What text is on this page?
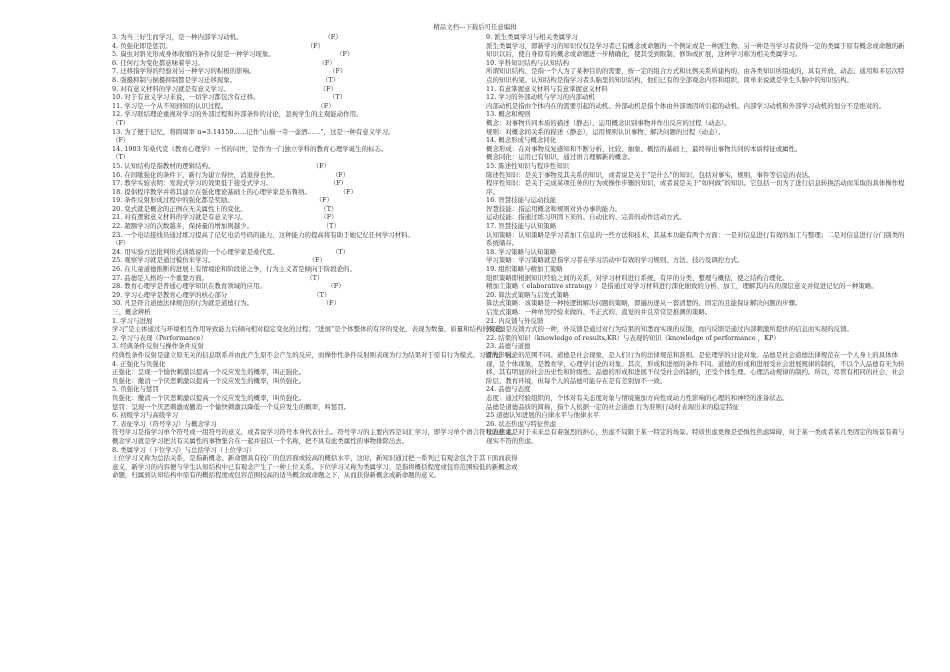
精品文档---下载后可任意编辑
3. 为当三好生而学习，是一种内部学习动机。                                        （F）
4. 负强化即是惩罚。                                                                  （F）
5. 扁虫对斜光形成身体收缩的条件反射是一种学习现象。                              （F）
6. 任何行为变化都意味着学习。                                                        （F）
7. 迁移指学得的经验对另一种学习的积极的影响。                                    （F）
8. 强摄抑制与倒摄抑制都是学习迁移现象。                                          （T）
9. 对有意义材料的学习就是有意义学习。                                            （F）
10. 对于有意义学习来说，一切学习都包含有迁移。                                  （T）
11. 学习是一个从不知到知的认识过程。                                            （F）
12. 学习联结理论重视对学习的外部过程和外部条件的讨论，忽视学生的主观能动作用。
（T）
13. 为了便于记忆，将圆周率 π=3.14159……记作“山巅一寺一壶酒……”，这是一种有意义学习。
（F）
14. 1903 年桑代克《教育心理学》一书的问世，是作为一门独立学科的教育心理学诞生的标志。
（T）
15. 认知结构是指教材的逻辑结构。                                                （F）
16. 在间歇强化的条件下，新行为建立得快，消退得也快。                          （F）
17. 教学实验表明：发现式学习的效果低于接受式学习。                            （F）
18. 提倡程序教学并将其建立在强化理论基础上的心理学家是布鲁纳。              （F）
19. 条件反射形成过程中的强化都是奖励。                                        （F）
20. 变式就是概念的正例在无关属性上的变化。                                    （T）
21. 对有逻辑意义材料的学习就是有意义学习。                                    （F）
22. 超额学习的次数越多，保持量的增加则越少。                                  （T）
23. 一个电话接线员通过练习提高了记忆电话号码的能力，这种能力的提高将有助于她记忆任何学习材料。
（F）
24. 用实验方法批判形式训练说的一个心理学家是桑代克。                          （T）
25. 观察学习就是通过模仿来学习。                                              （F）
26. 在儿童道德推断的进展上有情境论和阶段论之争，行为主义者是倾向于阶段论的。
27. 品德是人格的一个重要方面。                                                （T）
28. 教育心理学是普通心理学知识在教育领域的应用。                              （F）
29. 学习心理学是教育心理学的核心部分                                          （T）
30. 凡是符合道德法律规范的行为就是道德行为。                                  （F）
三、概念辨析
1. 学习与进展
学习”是主体通过与环境相互作用导致能力后倾向相对稳定变化的过程；“进展”是个体整体的有序的变化，表现为数量、质量和结构的变化。
2. 学习与表现（Performance）
3. 经典条件反射与操作条件反射
经典性条件反射是建立原无关的信息联系并由此产生原不会产生的反应，而操作性条件反射则表现为行为结果对于原有行为模式、习惯的影响。
4. 正强化与负强化
正强化：呈现一个愉快刺激以提高一个反应发生的概率，叫正强化。
负强化：撤消一个厌恶刺激以提高一个反应发生的概率，叫负强化。
5. 负强化与惩罚
负强化：撤消一个厌恶刺激以提高一个反应发生的概率，叫负强化。
惩罚：呈现一个厌恶刺激或撤消一个愉快刺激以降低一个反应发生的概率，叫惩罚。
6. 初级学习与高级学习
7. 表征学习（符号学习）与概念学习
符号学习是指学习单个符号或一组符号的意义，或者说学习符号本身代表什么。符号学习的主要内容是词汇学习，即学习单个语言符号的意义。
概念学习就是学习把共有关属性的事物集合在一起并冠以一个名称，把不具有此类属性的事物排除出去。
8. 类属学习（下位学习）与总括学习（上位学习）
上位学习又称为总括关系，是指新概念、新命题具有较广的包容面或较高的概括水平，这时，新知识通过把一系列已有观念包含于其下面而获得意义，新学习的内容便与学生认知结构中已有观念产生了一种上位关系。下位学习又称为类属学习，是指将概括程度或包容范围较低的新概念或命题，归属到认知结构中原有的概括程度或包容范围较高的适当概念或命题之下，从而获得新概念或新命题的意义。
9. 派生类属学习与相关类属学习
派生类属学习，即新学习的知识仅仅是学习者已有概念或命题的一个例证或是一种派生物。另一种是当学习者获得一定的类属于原有概念或命题的新知识以后，使自身原有的概念或命题进一步精确化，使其受到限制、修饰或扩展，这种学习称为相关类属学习。
10. 学科知识结构与认知结构
所谓知识结构，是指一个人为了某种目的的需要，按一定的组合方式和比例关系所建构的，由各类知识所组成的，具有开放、动态、通用和多层次特点的知识构架。认知结构是指学习者头脑里的知识结构，他们已有的全部观念内容和组织，简单来说就是学生头脑中的知识结构。
11. 有意掌握意义材料与有意掌握意义材料
12. 学习的外部动机与学习的内部动机
内部动机是指由个体内在的需要引起的动机。外部动机是指个体由外部诱因所引起的动机。内部学习动机和外部学习动机的划分不是绝对的。
13. 概念和规则
概念：对事物共同本质的描述（静态），运用概念识别事物并作出反应的过程（动态）。
规则：对概念间关系的描述（静态），运用规则认识事物、解决问题的过程（动态）。
14. 概念形成与概念同化
概念形成：在对事物反复感知和不断分析、比较、抽象、概括的基础上，最终得出事物共同的本质特征或属性。
概念同化：运用已有知识，通过语言理解新的概念。
15. 陈述性知识与程序性知识
陈述性知识：是关于事物及其关系的知识，或者说是关于“是什么”的知识，包括对事实，规则，事件等信息的表达。
程序性知识：是关于完成某项任务的行为或操作步骤的知识，或者说是关于“如何做”的知识。它包括一切为了进行信息转换活动而采取的具体操作程序。
16. 智慧技能与运动技能
智慧技能：指运用概念和规则对外办事的能力。
运动技能：指通过练习巩固下来的、自动化的、完善的动作活动方式。
17. 智慧技能与认知策略
认知策略：认知策略是学习者加工信息的一些方法和技术，其基本功能有两个方面：一是对信息进行有效的加工与整理；二是对信息进行分门别类的系统储存。
18. 学习策略与认知策略
学习策略：学习策略就是指学习者在学习活动中有效的学习规则、方法、技巧及调控方式。
19. 组织策略与精加工策略
组织策略即根据知识经验之间的关系，对学习材料进行系统、有序的分类、整理与概括，使之结构合理化。
精加工策略（ elaborative strategy ）是指通过对学习材料进行深化细致的分析、加工，理解其内在的深层意义并促进记忆的一种策略。
20. 算法式策略与启发式策略
算法式策略：该策略是一种按逻辑解决问题的策略，即遍历逐从一套清楚的、固定的且能保证解决问题的步骤。
启发式策略：一种单凭经验来做的、不正式的、直觉的并且常常是推测的策略。
21. 内反馈与外反馈
外反馈是反馈方式的一种，外反馈是通过对行为结果的知悉而实现的反馈，而内反馈是通过内部刺激所提供的信息而实现的反馈。
22. 结果的知识（knowledge of results,KR）与表现的知识（knowledge of performance ，KP）
23. 品德与道德
首先，讨论的范围不同。道德是社会现象，是人们行为的法律规范和准则。是伦理学的讨论对象。品德是社会道德法律规范在一个人身上的具体体现，是个体现象，是教育学、心理学讨论的对象。其次，形成和进展的条件不同。道德的形成和进展受社会进展规律的制约，不以个人品德有无为转移。其有明显的社会历史性和阶级性。品德的形成和进展不仅受社会的制约，还受个体生理、心理活动规律的制约。所以，尽管有相同的社会，社会阶层、教育环境，但每个人的品德可能存在是有差别加不一致。
24. 品德与态度
态度：通过经验组织的，个体对有关态度对象与情境施加方向性或动力性影响的心理的和神经的准备状态。
品德是道德品质的简称，指个人依据一定的社会道德 行为准则行动时表现出来的稳定特征
25 道德认知进展的自律水平与他律水平
26. 状态焦虑与特征焦虑
状态焦虑是对于未来总有着强烈的担心，焦虑不局限于某一特定的场景。特质焦虑更像是恐惧性焦虑障碍，对于某一类或者某几类固定的场景有着与现实不符的焦虑。
